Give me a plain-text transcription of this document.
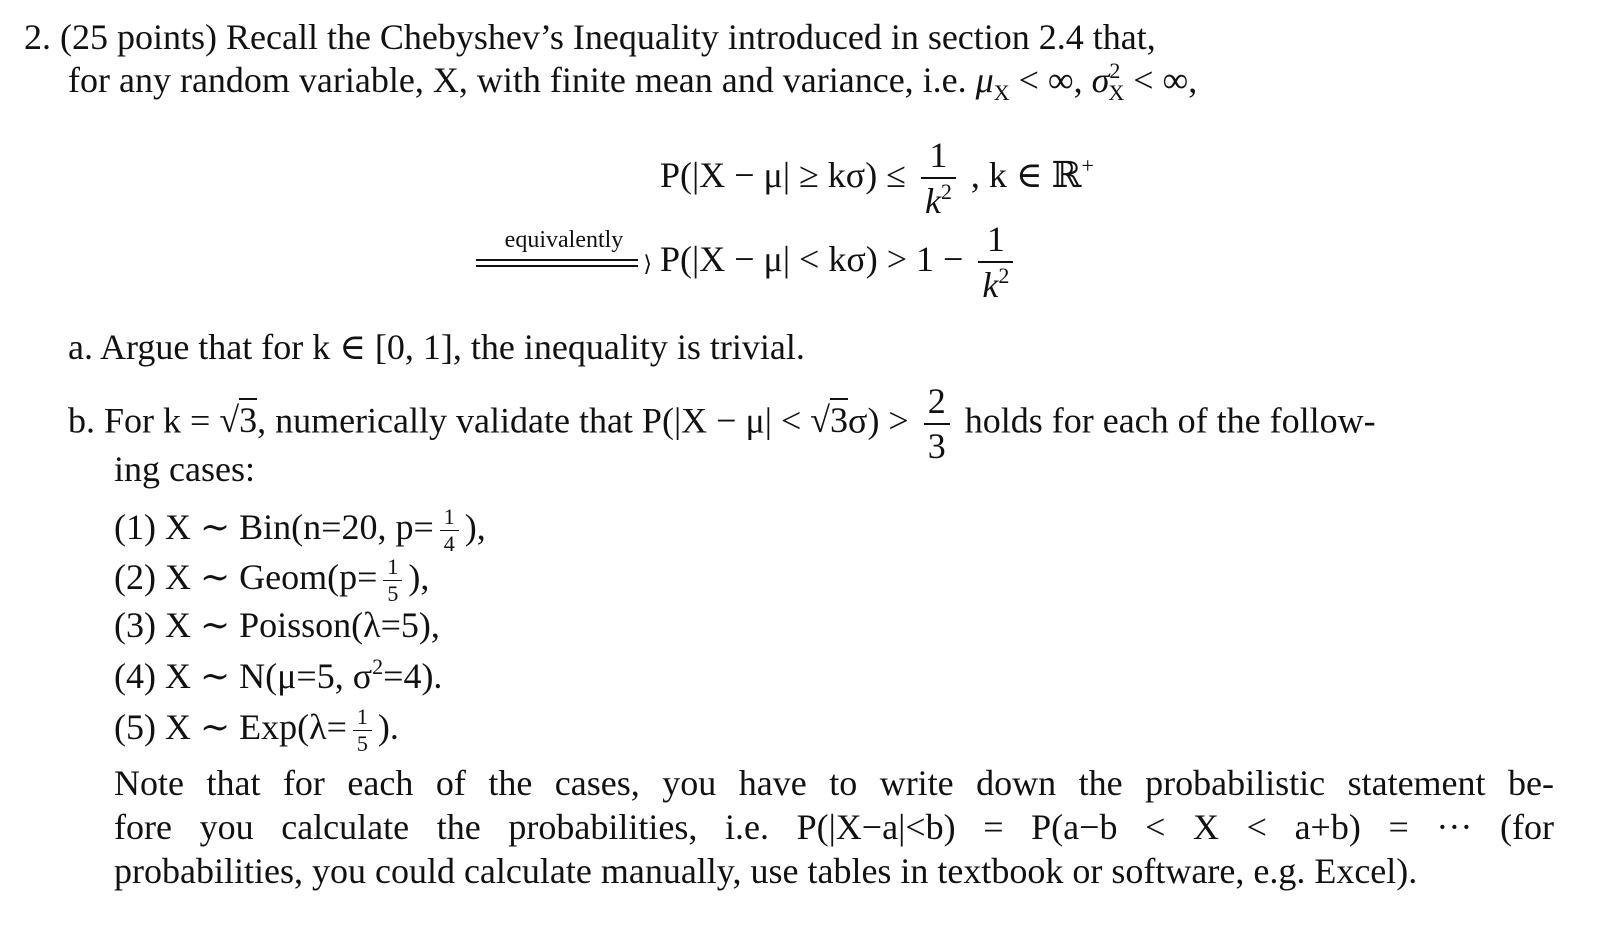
2. (25 points) Recall the Chebyshev’s Inequality introduced in section 2.4 that,
for any random variable, X, with finite mean and variance, i.e. $\mu_X$ < ∞, $\sigma^2_X$ < ∞,
$P(|X - \mu| \ge k\sigma) \le \frac{1}{k^2}$ , k ∈ ℝ+
equivalently
⟩ $P(|X - \mu| < k\sigma) > 1 - \frac{1}{k^2}$
a. Argue that for k ∈ [0, 1], the inequality is trivial.
b. For k = √3, numerically validate that $P(|X - \mu| < √3\sigma) > \frac{2}{3}$ holds for each of the follow-
ing cases:
(1) X ∼ Bin(n=20, $p= \frac{1}{4}$ ),
(2) X ∼ Geom(p= $\frac{1}{5}$ ),
(3) X ∼ Poisson(λ=5),
(4) X ∼ N(μ=5, $\sigma^2=4$).
(5) X ∼ $Exp(\lambda= \frac{1}{5}$ ).
Note that for each of the cases, you have to write down the probabilistic statement be-
fore you calculate the probabilities, i.e. P(|X−a|<b) = P(a−b < X < a+b) = ··· (for
probabilities, you could calculate manually, use tables in textbook or software, e.g. Excel).
